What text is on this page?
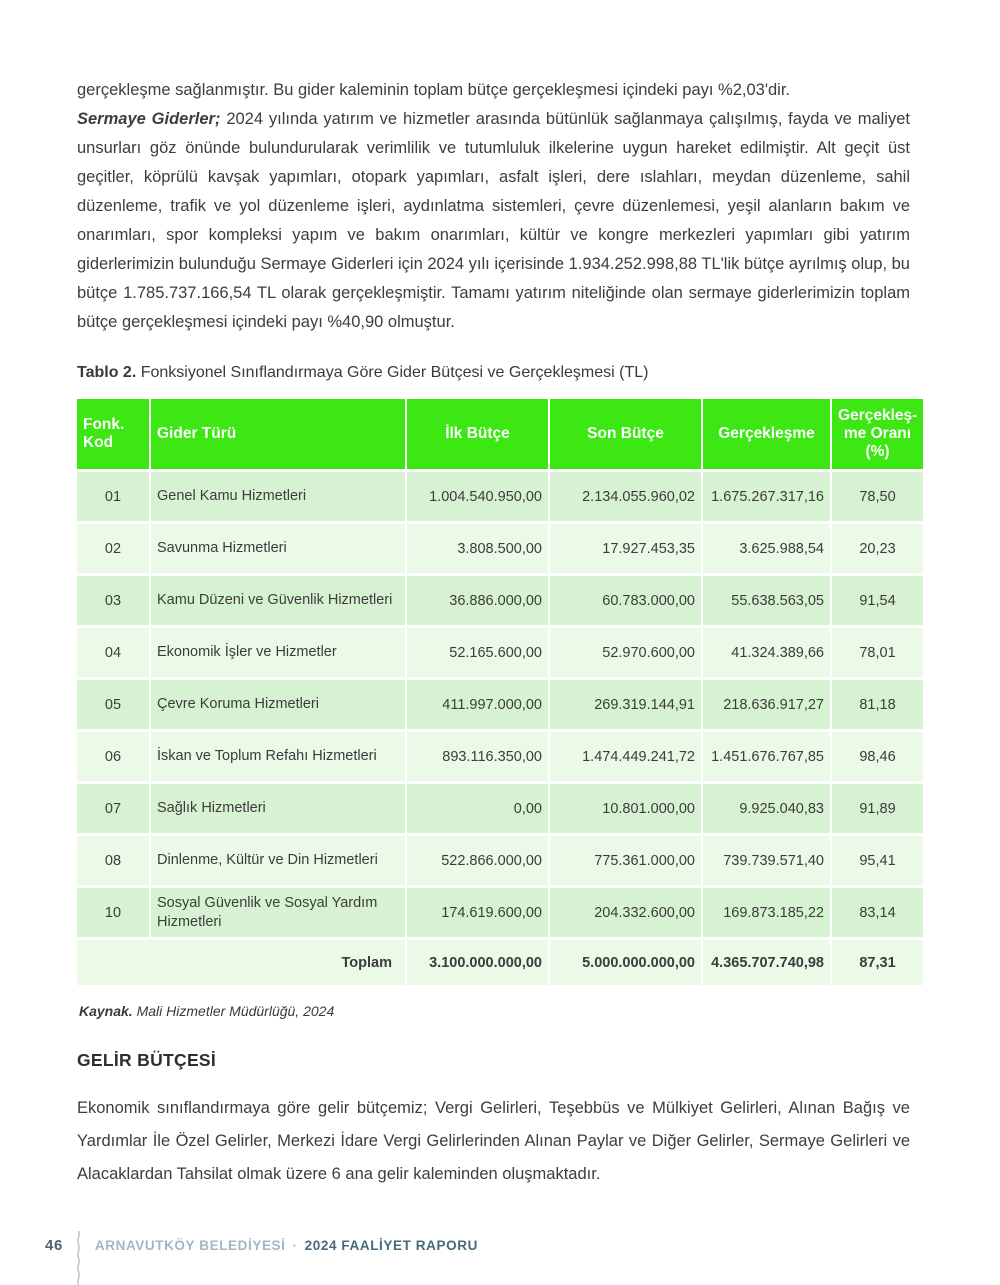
gerçekleşme sağlanmıştır. Bu gider kaleminin toplam bütçe gerçekleşmesi içindeki payı %2,03'dir.

Sermaye Giderler; 2024 yılında yatırım ve hizmetler arasında bütünlük sağlanmaya çalışılmış, fayda ve maliyet unsurları göz önünde bulundurularak verimlilik ve tutumluluk ilkelerine uygun hareket edilmiştir. Alt geçit üst geçitler, köprülü kavşak yapımları, otopark yapımları, asfalt işleri, dere ıslahları, meydan düzenleme, sahil düzenleme, trafik ve yol düzenleme işleri, aydınlatma sistemleri, çevre düzenlemesi, yeşil alanların bakım ve onarımları, spor kompleksi yapım ve bakım onarımları, kültür ve kongre merkezleri yapımları gibi yatırım giderlerimizin bulunduğu Sermaye Giderleri için 2024 yılı içerisinde 1.934.252.998,88 TL'lik bütçe ayrılmış olup, bu bütçe 1.785.737.166,54 TL olarak gerçekleşmiştir. Tamamı yatırım niteliğinde olan sermaye giderlerimizin toplam bütçe gerçekleşmesi içindeki payı %40,90 olmuştur.

Tablo 2. Fonksiyonel Sınıflandırmaya Göre Gider Bütçesi ve Gerçekleşmesi (TL)

Fonk. Kod	Gider Türü	İlk Bütçe	Son Bütçe	Gerçekleşme	Gerçekleş-me Oranı (%)
01	Genel Kamu Hizmetleri	1.004.540.950,00	2.134.055.960,02	1.675.267.317,16	78,50
02	Savunma Hizmetleri	3.808.500,00	17.927.453,35	3.625.988,54	20,23
03	Kamu Düzeni ve Güvenlik Hizmetleri	36.886.000,00	60.783.000,00	55.638.563,05	91,54
04	Ekonomik İşler ve Hizmetler	52.165.600,00	52.970.600,00	41.324.389,66	78,01
05	Çevre Koruma Hizmetleri	411.997.000,00	269.319.144,91	218.636.917,27	81,18
06	İskan ve Toplum Refahı Hizmetleri	893.116.350,00	1.474.449.241,72	1.451.676.767,85	98,46
07	Sağlık Hizmetleri	0,00	10.801.000,00	9.925.040,83	91,89
08	Dinlenme, Kültür ve Din Hizmetleri	522.866.000,00	775.361.000,00	739.739.571,40	95,41
10	Sosyal Güvenlik ve Sosyal Yardım Hizmetleri	174.619.600,00	204.332.600,00	169.873.185,22	83,14
Toplam		3.100.000.000,00	5.000.000.000,00	4.365.707.740,98	87,31

Kaynak. Mali Hizmetler Müdürlüğü, 2024

GELİR BÜTÇESİ

Ekonomik sınıflandırmaya göre gelir bütçemiz; Vergi Gelirleri, Teşebbüs ve Mülkiyet Gelirleri, Alınan Bağış ve Yardımlar İle Özel Gelirler, Merkezi İdare Vergi Gelirlerinden Alınan Paylar ve Diğer Gelirler, Sermaye Gelirleri ve Alacaklardan Tahsilat olmak üzere 6 ana gelir kaleminden oluşmaktadır.

46 ARNAVUTKÖY BELEDİYESİ · 2024 FAALİYET RAPORU
